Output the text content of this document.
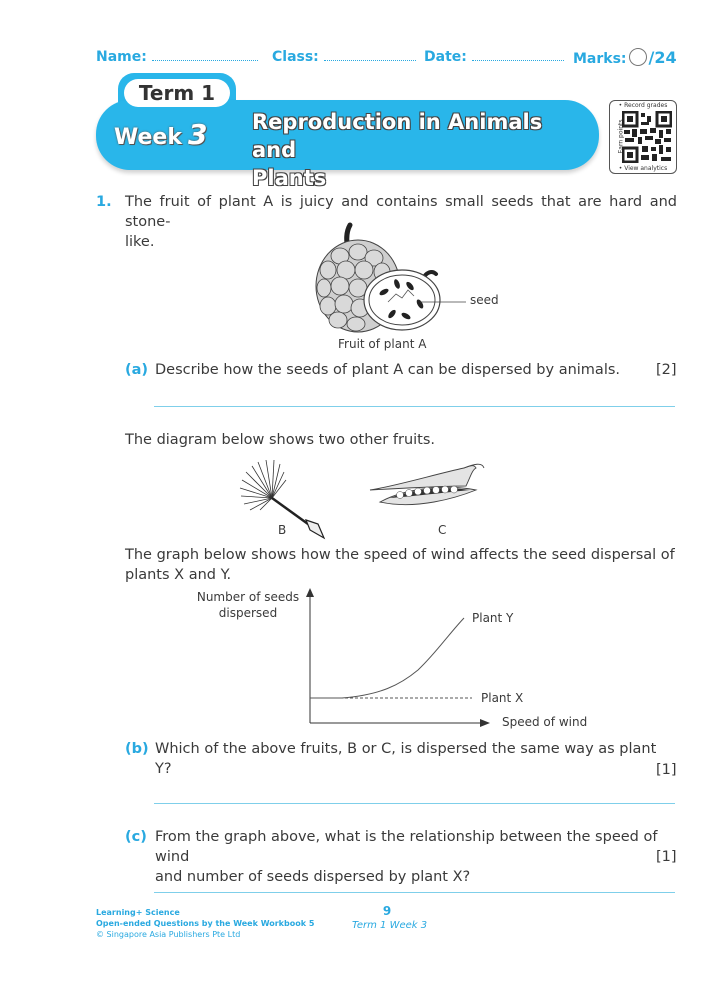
Name:	Class:	Date:	Marks: /24
Term 1
Week 3 Reproduction in Animals and
Plants
• Record grades
Earn points
• View analytics
1. The fruit of plant A is juicy and contains small seeds that are hard and stone-
like.
seed
Fruit of plant A
(a) Describe how the seeds of plant A can be dispersed by animals. [2]
The diagram below shows two other fruits.
B	C
The graph below shows how the speed of wind affects the seed dispersal of
plants X and Y.
Number of seeds
dispersed	Plant Y
Plant X
Speed of wind
(b) Which of the above fruits, B or C, is dispersed the same way as plant Y?	[1]
(c) From the graph above, what is the relationship between the speed of wind
and number of seeds dispersed by plant X?
[1]
Learning+ Science
Open-ended Questions by the Week Workbook 5
© Singapore Asia Publishers Pte Ltd
9
Term 1 Week 3
